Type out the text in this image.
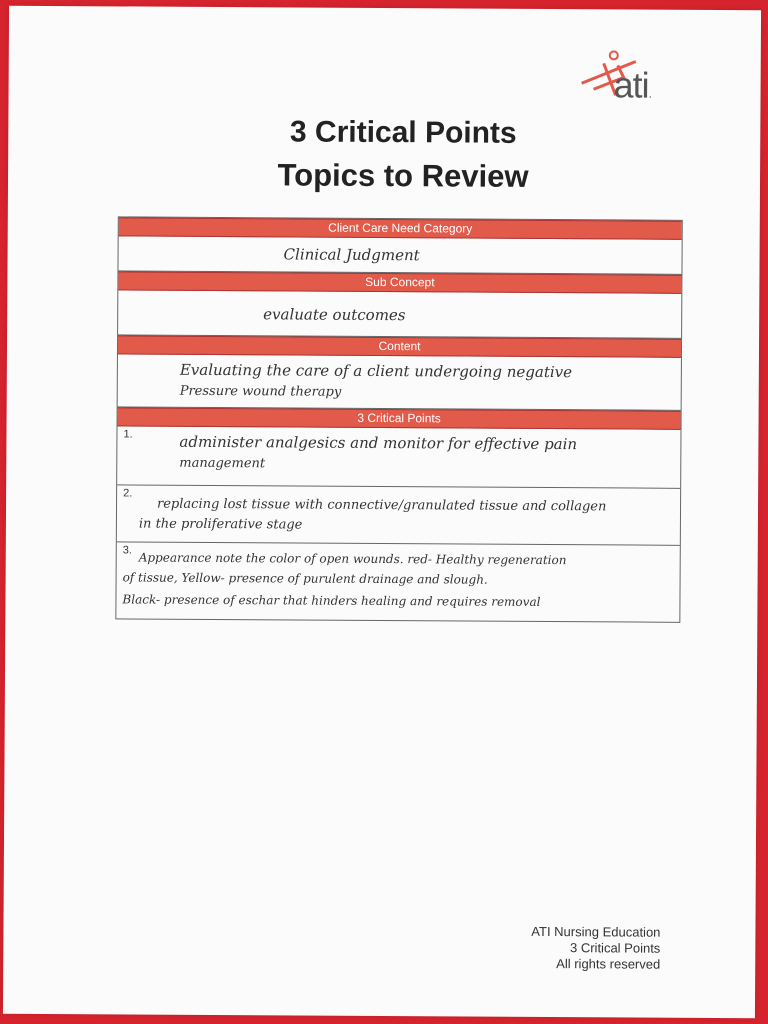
ati.
3 Critical Points
Topics to Review
Client Care Need Category
Clinical Judgment
Sub Concept
evaluate outcomes
Content
Evaluating the care of a client undergoing negative
Pressure wound therapy
3 Critical Points
1.	administer analgesics and monitor for effective pain
management
2.
replacing lost tissue with connective/granulated tissue and collagen
in the proliferative stage
3.
Appearance note the color of open wounds. red- Healthy regeneration
of tissue, Yellow- presence of purulent drainage and slough.
Black- presence of eschar that hinders healing and requires removal
ATI Nursing Education
3 Critical Points
All rights reserved
